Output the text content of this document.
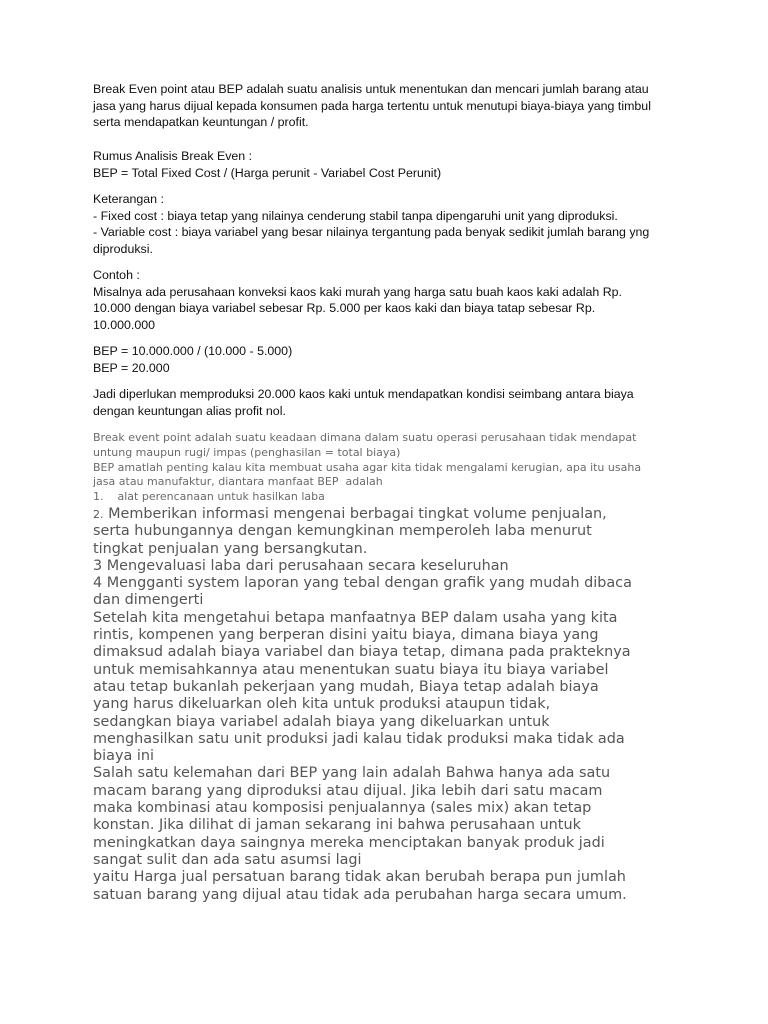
Break Even point atau BEP adalah suatu analisis untuk menentukan dan mencari jumlah barang atau
jasa yang harus dijual kepada konsumen pada harga tertentu untuk menutupi biaya-biaya yang timbul
serta mendapatkan keuntungan / profit.
Rumus Analisis Break Even :
BEP = Total Fixed Cost / (Harga perunit - Variabel Cost Perunit)
Keterangan :
- Fixed cost : biaya tetap yang nilainya cenderung stabil tanpa dipengaruhi unit yang diproduksi.
- Variable cost : biaya variabel yang besar nilainya tergantung pada benyak sedikit jumlah barang yng
diproduksi.
Contoh :
Misalnya ada perusahaan konveksi kaos kaki murah yang harga satu buah kaos kaki adalah Rp.
10.000 dengan biaya variabel sebesar Rp. 5.000 per kaos kaki dan biaya tatap sebesar Rp.
10.000.000
BEP = 10.000.000 / (10.000 - 5.000)
BEP = 20.000
Jadi diperlukan memproduksi 20.000 kaos kaki untuk mendapatkan kondisi seimbang antara biaya
dengan keuntungan alias profit nol.
Break event point adalah suatu keadaan dimana dalam suatu operasi perusahaan tidak mendapat
untung maupun rugi/ impas (penghasilan = total biaya)
BEP amatlah penting kalau kita membuat usaha agar kita tidak mengalami kerugian, apa itu usaha
jasa atau manufaktur, diantara manfaat BEP  adalah
1. alat perencanaan untuk hasilkan laba
2. Memberikan informasi mengenai berbagai tingkat volume penjualan,
serta hubungannya dengan kemungkinan memperoleh laba menurut
tingkat penjualan yang bersangkutan.
3 Mengevaluasi laba dari perusahaan secara keseluruhan
4 Mengganti system laporan yang tebal dengan grafik yang mudah dibaca
dan dimengerti
Setelah kita mengetahui betapa manfaatnya BEP dalam usaha yang kita
rintis, kompenen yang berperan disini yaitu biaya, dimana biaya yang
dimaksud adalah biaya variabel dan biaya tetap, dimana pada prakteknya
untuk memisahkannya atau menentukan suatu biaya itu biaya variabel
atau tetap bukanlah pekerjaan yang mudah, Biaya tetap adalah biaya
yang harus dikeluarkan oleh kita untuk produksi ataupun tidak,
sedangkan biaya variabel adalah biaya yang dikeluarkan untuk
menghasilkan satu unit produksi jadi kalau tidak produksi maka tidak ada
biaya ini
Salah satu kelemahan dari BEP yang lain adalah Bahwa hanya ada satu
macam barang yang diproduksi atau dijual. Jika lebih dari satu macam
maka kombinasi atau komposisi penjualannya (sales mix) akan tetap
konstan. Jika dilihat di jaman sekarang ini bahwa perusahaan untuk
meningkatkan daya saingnya mereka menciptakan banyak produk jadi
sangat sulit dan ada satu asumsi lagi
yaitu Harga jual persatuan barang tidak akan berubah berapa pun jumlah
satuan barang yang dijual atau tidak ada perubahan harga secara umum.
